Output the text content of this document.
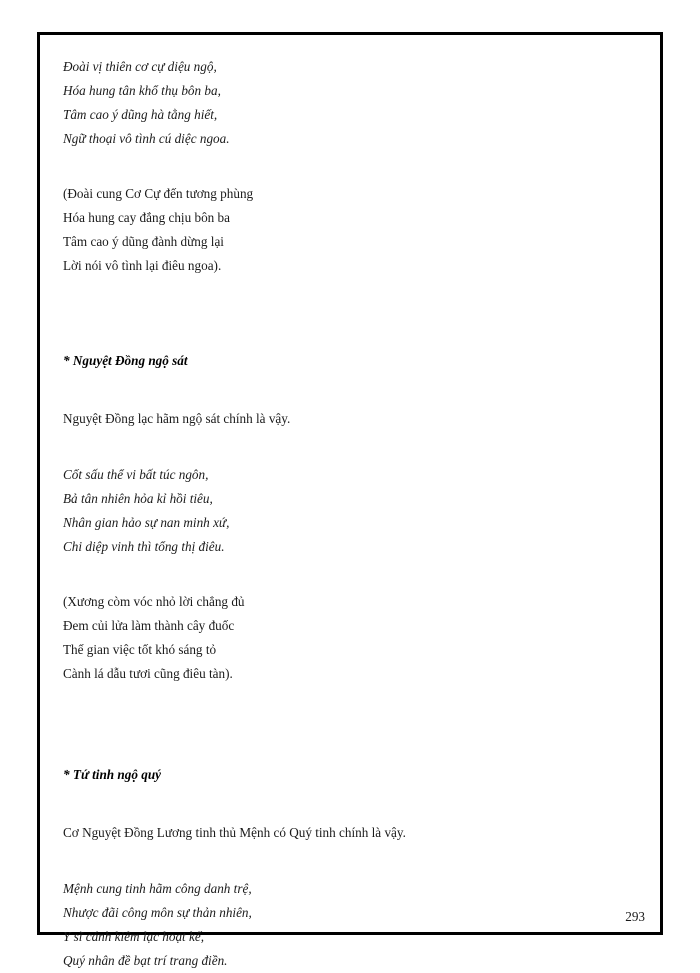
Đoài vị thiên cơ cự diệu ngộ,
Hóa hung tân khổ thụ bôn ba,
Tâm cao ý dũng hà tằng hiết,
Ngữ thoại vô tình cú diệc ngoa.
(Đoài cung Cơ Cự đến tương phùng
Hóa hung cay đắng chịu bôn ba
Tâm cao ý dũng đành dừng lại
Lời nói vô tình lại điêu ngoa).
* Nguyệt Đồng ngộ sát
Nguyệt Đồng lạc hãm ngộ sát chính là vậy.
Cốt sấu thể vi bất túc ngôn,
Bả tân nhiên hỏa kỉ hồi tiêu,
Nhân gian hảo sự nan minh xứ,
Chi diệp vinh thì tổng thị điêu.
(Xương còm vóc nhỏ lời chẳng đủ
Đem củi lửa làm thành cây đuốc
Thế gian việc tốt khó sáng tỏ
Cành lá dẫu tươi cũng điêu tàn).
* Tứ tinh ngộ quý
Cơ Nguyệt Đồng Lương tinh thủ Mệnh có Quý tinh chính là vậy.
Mệnh cung tinh hãm công danh trệ,
Nhược đãi công môn sự thản nhiên,
Y sĩ cánh kiêm lạc hoạt kế,
Quý nhân đề bạt trí trang điền.
293
